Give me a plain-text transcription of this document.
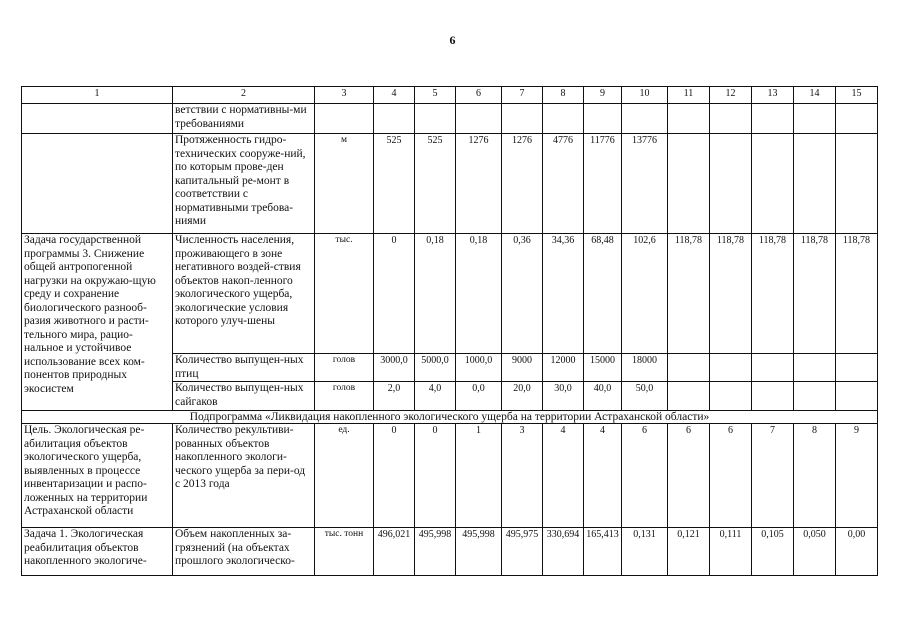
6
1	2	3	4	5	6	7	8	9	10	11	12	13	14	15
	ветствии с нормативны-ми требованиями													
	Протяженность гидро-технических сооруже-ний, по которым прове-ден капитальный ре-монт в соответствии с нормативными требова-ниями	м	525	525	1276	1276	4776	11776	13776					
Задача государственной программы 3. Снижение общей антропогенной нагрузки на окружаю-щую среду и сохранение биологического разнооб-разия животного и расти-тельного мира, рацио-нальное и устойчивое использование всех ком-понентов природных экосистем	Численность населения, проживающего в зоне негативного воздей-ствия объектов накоп-ленного экологического ущерба, экологические условия которого улуч-шены	тыс.	0	0,18	0,18	0,36	34,36	68,48	102,6	118,78	118,78	118,78	118,78	118,78
	Количество выпущен-ных птиц	голов	3000,0	5000,0	1000,0	9000	12000	15000	18000					
	Количество выпущен-ных сайгаков	голов	2,0	4,0	0,0	20,0	30,0	40,0	50,0					
Подпрограмма «Ликвидация накопленного экологического ущерба на территории Астраханской области»														
Цель. Экологическая ре-абилитация объектов экологического ущерба, выявленных в процессе инвентаризации и распо-ложенных на территории Астраханской области	Количество рекультиви-рованных объектов накопленного экологи-ческого ущерба за пери-од с 2013 года	ед.	0	0	1	3	4	4	6	6	6	7	8	9
Задача 1. Экологическая реабилитация объектов накопленного экологиче-	Объем накопленных за-грязнений (на объектах прошлого экологическо-	тыс. тонн	496,021	495,998	495,998	495,975	330,694	165,413	0,131	0,121	0,111	0,105	0,050	0,00
